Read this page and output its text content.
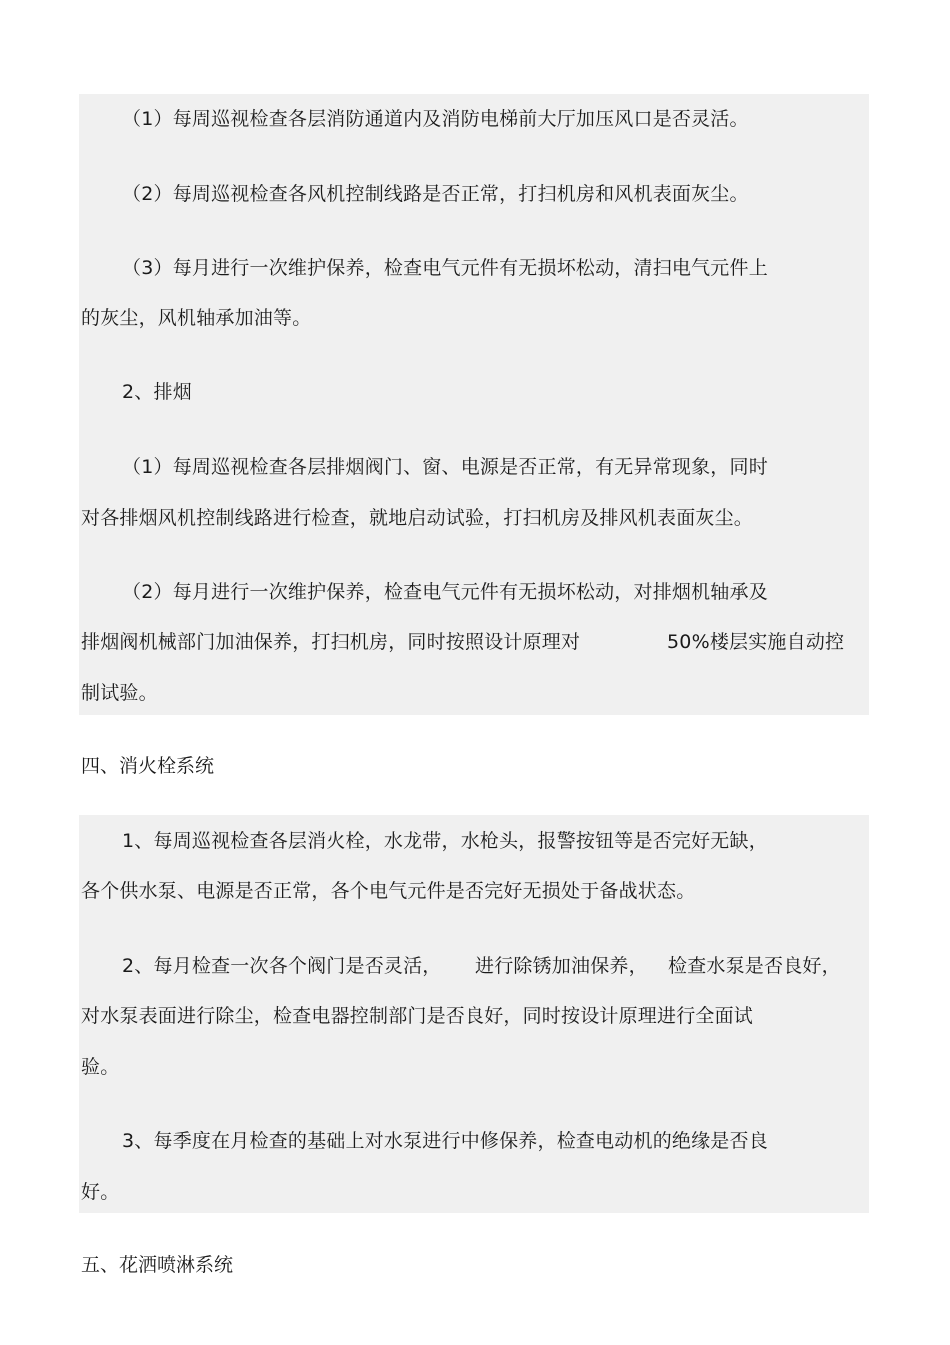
（1）每周巡视检查各层消防通道内及消防电梯前大厅加压风口是否灵活。
（2）每周巡视检查各风机控制线路是否正常，打扫机房和风机表面灰尘。
（3）每月进行一次维护保养，检查电气元件有无损坏松动，清扫电气元件上
的灰尘，风机轴承加油等。
2、排烟
（1）每周巡视检查各层排烟阀门、窗、电源是否正常，有无异常现象，同时
对各排烟风机控制线路进行检查，就地启动试验，打扫机房及排风机表面灰尘。
（2）每月进行一次维护保养，检查电气元件有无损坏松动，对排烟机轴承及
排烟阀机械部门加油保养，打扫机房，同时按照设计原理对	50%楼层实施自动控
制试验。
四、消火栓系统
1、每周巡视检查各层消火栓，水龙带，水枪头，报警按钮等是否完好无缺，
各个供水泵、电源是否正常，各个电气元件是否完好无损处于备战状态。
2、每月检查一次各个阀门是否灵活， 进行除锈加油保养， 检查水泵是否良好，
对水泵表面进行除尘，检查电器控制部门是否良好，同时按设计原理进行全面试
验。
3、每季度在月检查的基础上对水泵进行中修保养，检查电动机的绝缘是否良
好。
五、花洒喷淋系统
